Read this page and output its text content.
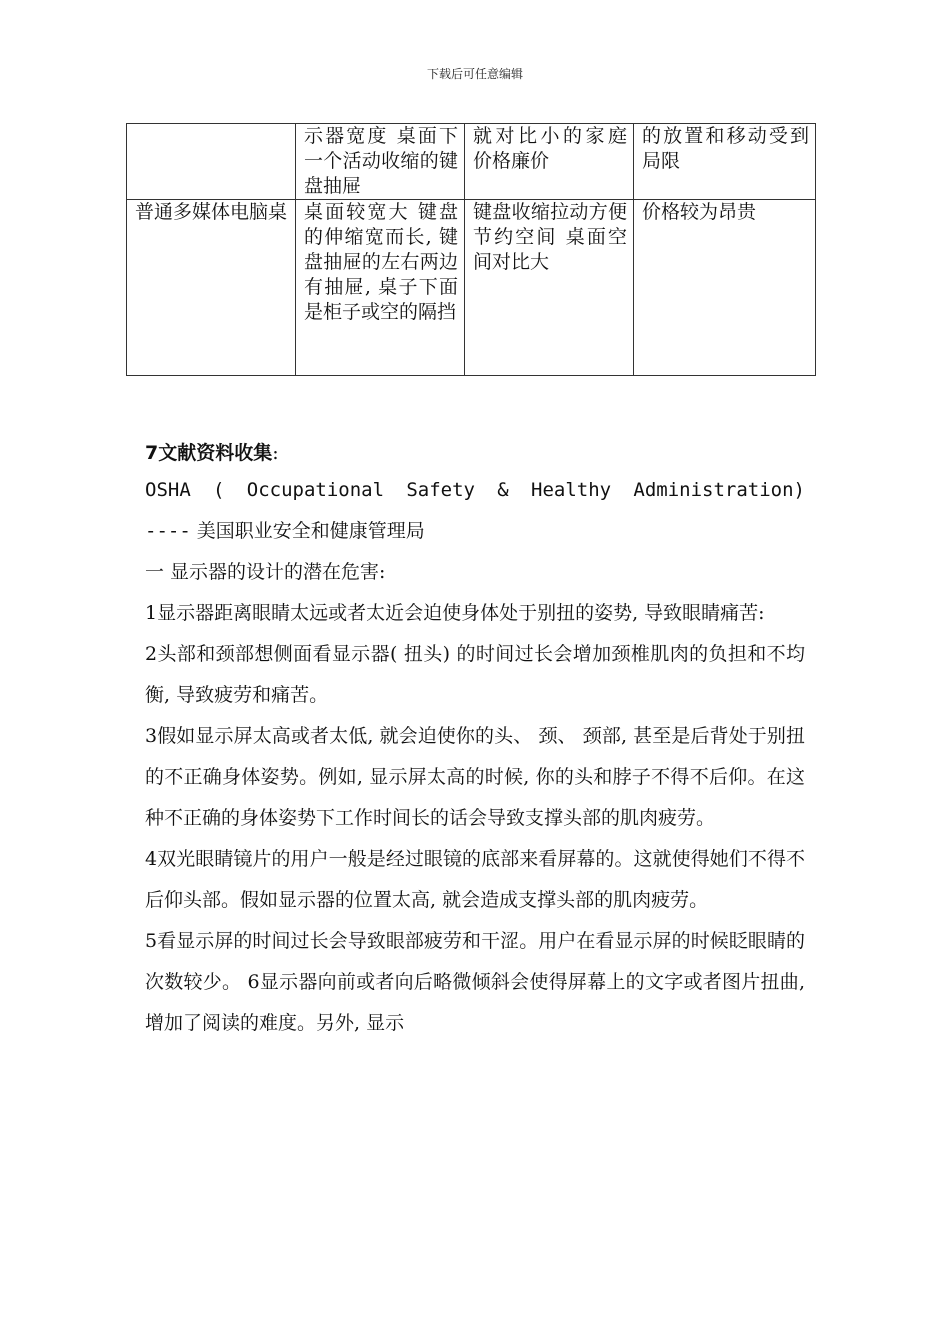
下载后可任意编辑
	示器宽度 桌面下一个活动收缩的键盘抽屉	就对比小的家庭 价格廉价	的放置和移动受到局限
普通多媒体电脑桌	桌面较宽大 键盘的伸缩宽而长, 键盘抽屉的左右两边有抽屉, 桌子下面是柜子或空的隔挡	键盘收缩拉动方便 节约空间 桌面空间对比大	价格较为昂贵

7文献资料收集:

OSHA ( Occupational Safety & Healthy Administration)

---- 美国职业安全和健康管理局

一 显示器的设计的潜在危害:

1显示器距离眼睛太远或者太近会迫使身体处于别扭的姿势, 导致眼睛痛苦:

2头部和颈部想侧面看显示器( 扭头) 的时间过长会增加颈椎肌肉的负担和不均衡, 导致疲劳和痛苦。

3假如显示屏太高或者太低, 就会迫使你的头、 颈、 颈部, 甚至是后背处于别扭的不正确身体姿势。例如, 显示屏太高的时候, 你的头和脖子不得不后仰。在这种不正确的身体姿势下工作时间长的话会导致支撑头部的肌肉疲劳。

4双光眼睛镜片的用户一般是经过眼镜的底部来看屏幕的。这就使得她们不得不后仰头部。假如显示器的位置太高, 就会造成支撑头部的肌肉疲劳。

5看显示屏的时间过长会导致眼部疲劳和干涩。用户在看显示屏的时候眨眼睛的次数较少。 6显示器向前或者向后略微倾斜会使得屏幕上的文字或者图片扭曲, 增加了阅读的难度。另外, 显示
